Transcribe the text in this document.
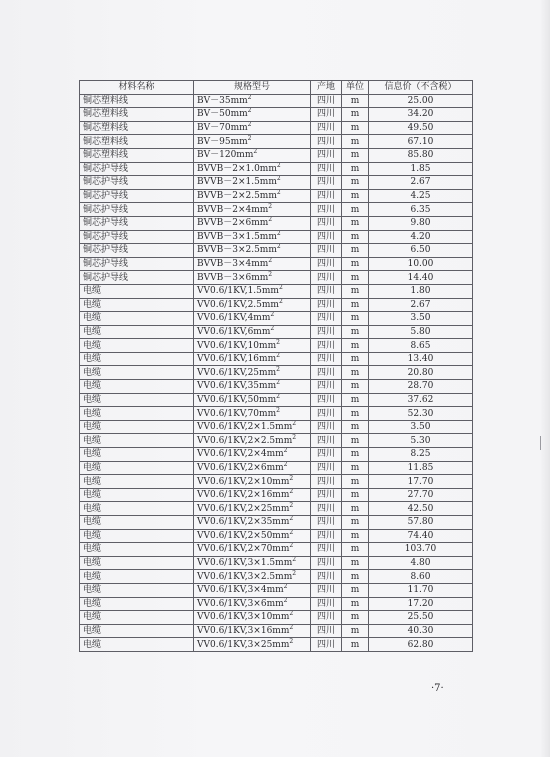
材料名称	规格型号	产地	单位	信息价（不含税）
铜芯塑料线	$BV-35mm^2$	四川	m	25.00
铜芯塑料线	$BV-50mm^2$	四川	m	34.20
铜芯塑料线	$BV-70mm^2$	四川	m	49.50
铜芯塑料线	$BV-95mm^2$	四川	m	67.10
铜芯塑料线	$BV-120mm^2$	四川	m	85.80
铜芯护导线	$BVVB-2\times 1.0mm^2$	四川	m	1.85
铜芯护导线	$BVVB-2\times 1.5mm^2$	四川	m	2.67
铜芯护导线	$BVVB-2\times 2.5mm^2$	四川	m	4.25
铜芯护导线	$BVVB-2\times 4mm^2$	四川	m	6.35
铜芯护导线	$BVVB-2\times 6mm^2$	四川	m	9.80
铜芯护导线	$BVVB-3\times 1.5mm^2$	四川	m	4.20
铜芯护导线	$BVVB-3\times 2.5mm^2$	四川	m	6.50
铜芯护导线	$BVVB-3\times 4mm^2$	四川	m	10.00
铜芯护导线	$BVVB-3\times 6mm^2$	四川	m	14.40
电缆	$VV0.6/1KV,1.5mm^2$	四川	m	1.80
电缆	$VV0.6/1KV,2.5mm^2$	四川	m	2.67
电缆	$VV0.6/1KV,4mm^2$	四川	m	3.50
电缆	$VV0.6/1KV,6mm^2$	四川	m	5.80
电缆	$VV0.6/1KV,10mm^2$	四川	m	8.65
电缆	$VV0.6/1KV,16mm^2$	四川	m	13.40
电缆	$VV0.6/1KV,25mm^2$	四川	m	20.80
电缆	$VV0.6/1KV,35mm^2$	四川	m	28.70
电缆	$VV0.6/1KV,50mm^2$	四川	m	37.62
电缆	$VV0.6/1KV,70mm^2$	四川	m	52.30
电缆	$VV0.6/1KV,2\times 1.5mm^2$	四川	m	3.50
电缆	$VV0.6/1KV,2\times 2.5mm^2$	四川	m	5.30
电缆	$VV0.6/1KV,2\times 4mm^2$	四川	m	8.25
电缆	$VV0.6/1KV,2\times 6mm^2$	四川	m	11.85
电缆	$VV0.6/1KV,2\times 10mm^2$	四川	m	17.70
电缆	$VV0.6/1KV,2\times 16mm^2$	四川	m	27.70
电缆	$VV0.6/1KV,2\times 25mm^2$	四川	m	42.50
电缆	$VV0.6/1KV,2\times 35mm^2$	四川	m	57.80
电缆	$VV0.6/1KV,2\times 50mm^2$	四川	m	74.40
电缆	$VV0.6/1KV,2\times 70mm^2$	四川	m	103.70
电缆	$VV0.6/1KV,3\times 1.5mm^2$	四川	m	4.80
电缆	$VV0.6/1KV,3\times 2.5mm^2$	四川	m	8.60
电缆	$VV0.6/1KV,3\times 4mm^2$	四川	m	11.70
电缆	$VV0.6/1KV,3\times 6mm^2$	四川	m	17.20
电缆	$VV0.6/1KV,3\times 10mm^2$	四川	m	25.50
电缆	$VV0.6/1KV,3\times 16mm^2$	四川	m	40.30
电缆	$VV0.6/1KV,3\times 25mm^2$	四川	m	62.80
·7·
